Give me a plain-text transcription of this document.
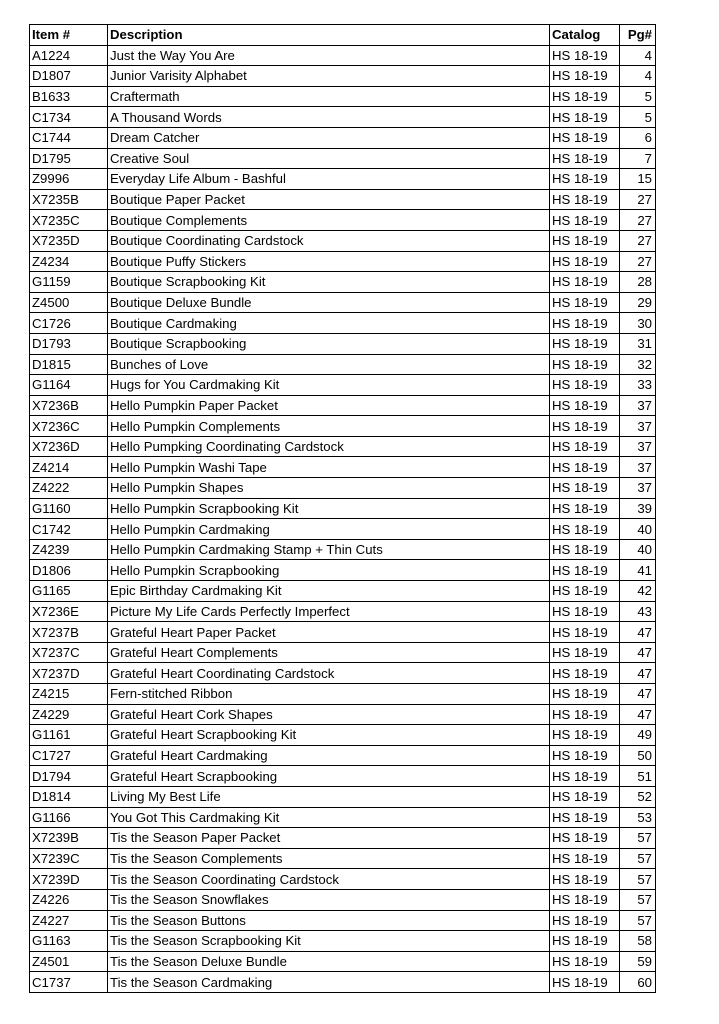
Item #	Description	Catalog	Pg#
A1224	Just the Way You Are	HS 18-19	4
D1807	Junior Varisity Alphabet	HS 18-19	4
B1633	Craftermath	HS 18-19	5
C1734	A Thousand Words	HS 18-19	5
C1744	Dream Catcher	HS 18-19	6
D1795	Creative Soul	HS 18-19	7
Z9996	Everyday Life Album - Bashful	HS 18-19	15
X7235B	Boutique Paper Packet	HS 18-19	27
X7235C	Boutique Complements	HS 18-19	27
X7235D	Boutique Coordinating Cardstock	HS 18-19	27
Z4234	Boutique Puffy Stickers	HS 18-19	27
G1159	Boutique Scrapbooking Kit	HS 18-19	28
Z4500	Boutique Deluxe Bundle	HS 18-19	29
C1726	Boutique Cardmaking	HS 18-19	30
D1793	Boutique Scrapbooking	HS 18-19	31
D1815	Bunches of Love	HS 18-19	32
G1164	Hugs for You Cardmaking Kit	HS 18-19	33
X7236B	Hello Pumpkin Paper Packet	HS 18-19	37
X7236C	Hello Pumpkin Complements	HS 18-19	37
X7236D	Hello Pumpking Coordinating Cardstock	HS 18-19	37
Z4214	Hello Pumpkin Washi Tape	HS 18-19	37
Z4222	Hello Pumpkin Shapes	HS 18-19	37
G1160	Hello Pumpkin Scrapbooking Kit	HS 18-19	39
C1742	Hello Pumpkin Cardmaking	HS 18-19	40
Z4239	Hello Pumpkin Cardmaking Stamp + Thin Cuts	HS 18-19	40
D1806	Hello Pumpkin Scrapbooking	HS 18-19	41
G1165	Epic Birthday Cardmaking Kit	HS 18-19	42
X7236E	Picture My Life Cards Perfectly Imperfect	HS 18-19	43
X7237B	Grateful Heart Paper Packet	HS 18-19	47
X7237C	Grateful Heart Complements	HS 18-19	47
X7237D	Grateful Heart Coordinating Cardstock	HS 18-19	47
Z4215	Fern-stitched Ribbon	HS 18-19	47
Z4229	Grateful Heart Cork Shapes	HS 18-19	47
G1161	Grateful Heart Scrapbooking Kit	HS 18-19	49
C1727	Grateful Heart Cardmaking	HS 18-19	50
D1794	Grateful Heart Scrapbooking	HS 18-19	51
D1814	Living My Best Life	HS 18-19	52
G1166	You Got This Cardmaking Kit	HS 18-19	53
X7239B	Tis the Season Paper Packet	HS 18-19	57
X7239C	Tis the Season Complements	HS 18-19	57
X7239D	Tis the Season Coordinating Cardstock	HS 18-19	57
Z4226	Tis the Season Snowflakes	HS 18-19	57
Z4227	Tis the Season Buttons	HS 18-19	57
G1163	Tis the Season Scrapbooking Kit	HS 18-19	58
Z4501	Tis the Season Deluxe Bundle	HS 18-19	59
C1737	Tis the Season Cardmaking	HS 18-19	60
